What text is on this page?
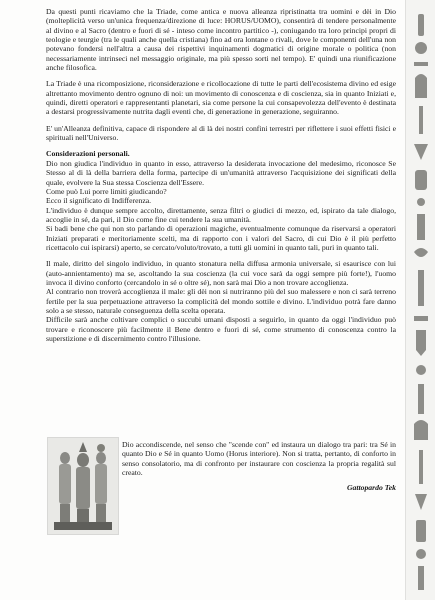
Da questi punti ricaviamo che la Triade, come antica e nuova alleanza ripristinatta tra uomini e dèi in Dio (molteplicità verso un'unica frequenza/direzione di luce: HORUS/UOMO), consentirà di tendere personalmente al divino e al Sacro (dentro e fuori di sé - inteso come incontro partitico -), coniugando tra loro principi propri di teologie e teurgie (tra le quali anche quella cristiana) fino ad ora lontane o rivali, dove le componenti dell'una non potevano fondersi nell'altra a causa dei rispettivi inquinamenti dogmatici di origine morale o politica (non necessariamente intrinseci nel messaggio originale, ma più spesso sorti nel tempo). E' quindi una riunificazione anche filosofica.

La Triade è una ricomposizione, riconsiderazione e ricollocazione di tutte le parti dell'ecosistema divino ed esige altrettanto movimento dentro ognuno di noi: un movimento di conoscenza e di coscienza, sia in quanto Iniziati e, quindi, diretti operatori e rappresentanti planetari, sia come persone la cui consapevolezza dell'evento è destinata a destarsi progressivamente nutrita dagli eventi che, di generazione in generazione, seguiranno.

E' un'Alleanza definitiva, capace di rispondere al di là dei nostri confini terrestri per riflettere i suoi effetti fisici e spirituali nell'Universo.

Considerazioni personali.

Dio non giudica l'individuo in quanto in esso, attraverso la desiderata invocazione del medesimo, riconosce Se Stesso al di là della barriera della forma, partecipe di un'umanità attraverso l'acquisizione dei significati della quale, evolvere la Sua stessa Coscienza dell'Essere.

Come può Lui porre limiti giudicando?

Ecco il significato di Indifferenza.

L'individuo è dunque sempre accolto, direttamente, senza filtri o giudici di mezzo, ed, ispirato da tale dialogo, accoglie in sé, da pari, il Dio come fine cui tendere la sua umanità.

Si badi bene che qui non sto parlando di operazioni magiche, eventualmente comunque da riservarsi a operatori Iniziati preparati e meritoriamente scelti, ma di rapporto con i valori del Sacro, di cui Dio è il più perfetto ricettacolo cui ispirarsi) aperto, se cercato/voluto/trovato, a tutti gli uomini in quanto tali, puri in quanto tali.

Il male, diritto del singolo individuo, in quanto stonatura nella diffusa armonia universale, si esaurisce con lui (auto-annientamento) ma se, ascoltando la sua coscienza (la cui voce sarà da oggi sempre più forte!), l'uomo invoca il divino conforto (cercandolo in sé o oltre sé), non sarà mai Dio a non trovare accoglienza.

Al contrario non troverà accoglienza il male: gli dèi non si nutriranno più del suo malessere e non ci sarà terreno fertile per la sua perpetuazione attraverso la complicità del mondo sottile e divino. L'individuo potrà fare danno solo a se stesso, naturale conseguenza della scelta operata.

Difficile sarà anche coltivare complici o succubi umani disposti a seguirlo, in quanto da oggi l'individuo può trovare e riconoscere più facilmente il Bene dentro e fuori di sé, come strumento di conoscenza contro la superstizione e di discernimento contro l'illusione.

Dio accondiscende, nel senso che "scende con" ed instaura un dialogo tra pari: tra Sé in quanto Dio e Sé in quanto Uomo (Horus interiore). Non si tratta, pertanto, di conforto in senso consolatorio, ma di confronto per instaurare con coscienza la propria regalità sul creato.

Gattopardo Tek
